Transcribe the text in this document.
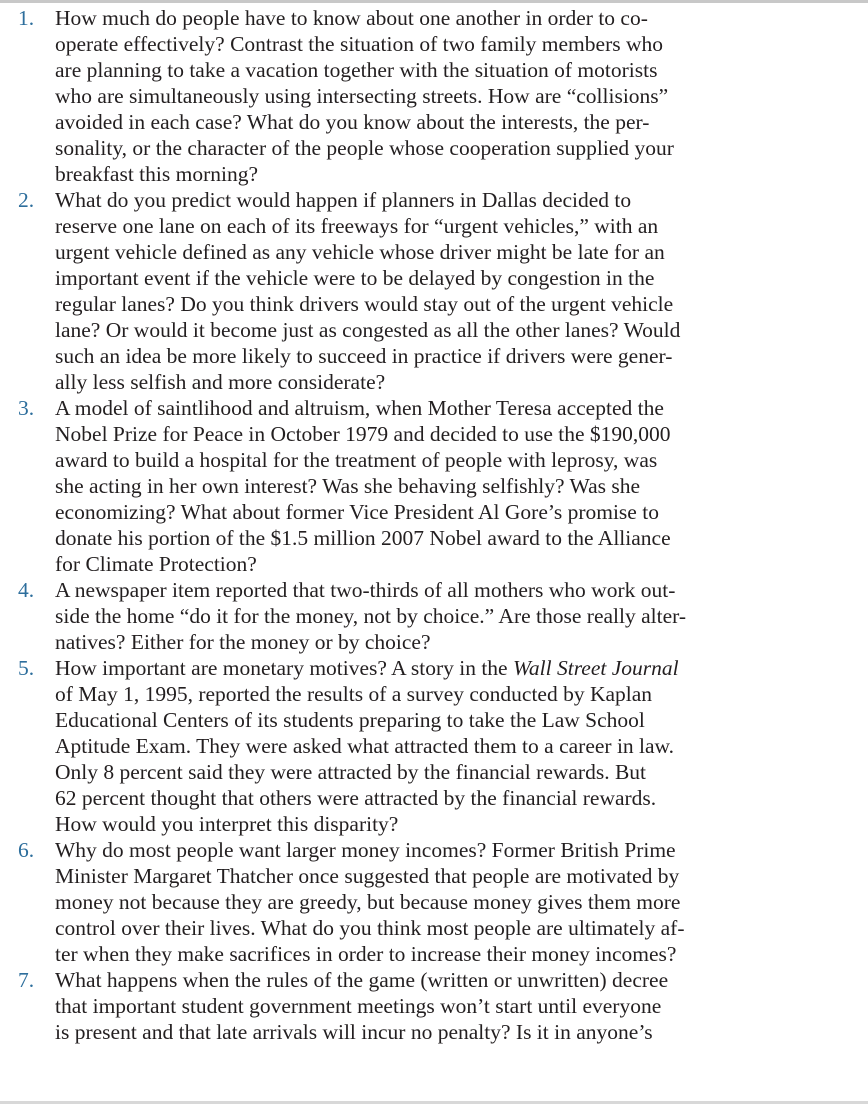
1. How much do people have to know about one another in order to co-
operate effectively? Contrast the situation of two family members who
are planning to take a vacation together with the situation of motorists
who are simultaneously using intersecting streets. How are “collisions”
avoided in each case? What do you know about the interests, the per-
sonality, or the character of the people whose cooperation supplied your
breakfast this morning?
2. What do you predict would happen if planners in Dallas decided to
reserve one lane on each of its freeways for “urgent vehicles,” with an
urgent vehicle defined as any vehicle whose driver might be late for an
important event if the vehicle were to be delayed by congestion in the
regular lanes? Do you think drivers would stay out of the urgent vehicle
lane? Or would it become just as congested as all the other lanes? Would
such an idea be more likely to succeed in practice if drivers were gener-
ally less selfish and more considerate?
3. A model of saintlihood and altruism, when Mother Teresa accepted the
Nobel Prize for Peace in October 1979 and decided to use the $190,000
award to build a hospital for the treatment of people with leprosy, was
she acting in her own interest? Was she behaving selfishly? Was she
economizing? What about former Vice President Al Gore’s promise to
donate his portion of the $1.5 million 2007 Nobel award to the Alliance
for Climate Protection?
4. A newspaper item reported that two-thirds of all mothers who work out-
side the home “do it for the money, not by choice.” Are those really alter-
natives? Either for the money or by choice?
5. How important are monetary motives? A story in the Wall Street Journal
of May 1, 1995, reported the results of a survey conducted by Kaplan
Educational Centers of its students preparing to take the Law School
Aptitude Exam. They were asked what attracted them to a career in law.
Only 8 percent said they were attracted by the financial rewards. But
62 percent thought that others were attracted by the financial rewards.
How would you interpret this disparity?
6. Why do most people want larger money incomes? Former British Prime
Minister Margaret Thatcher once suggested that people are motivated by
money not because they are greedy, but because money gives them more
control over their lives. What do you think most people are ultimately af-
ter when they make sacrifices in order to increase their money incomes?
7. What happens when the rules of the game (written or unwritten) decree
that important student government meetings won’t start until everyone
is present and that late arrivals will incur no penalty? Is it in anyone’s
